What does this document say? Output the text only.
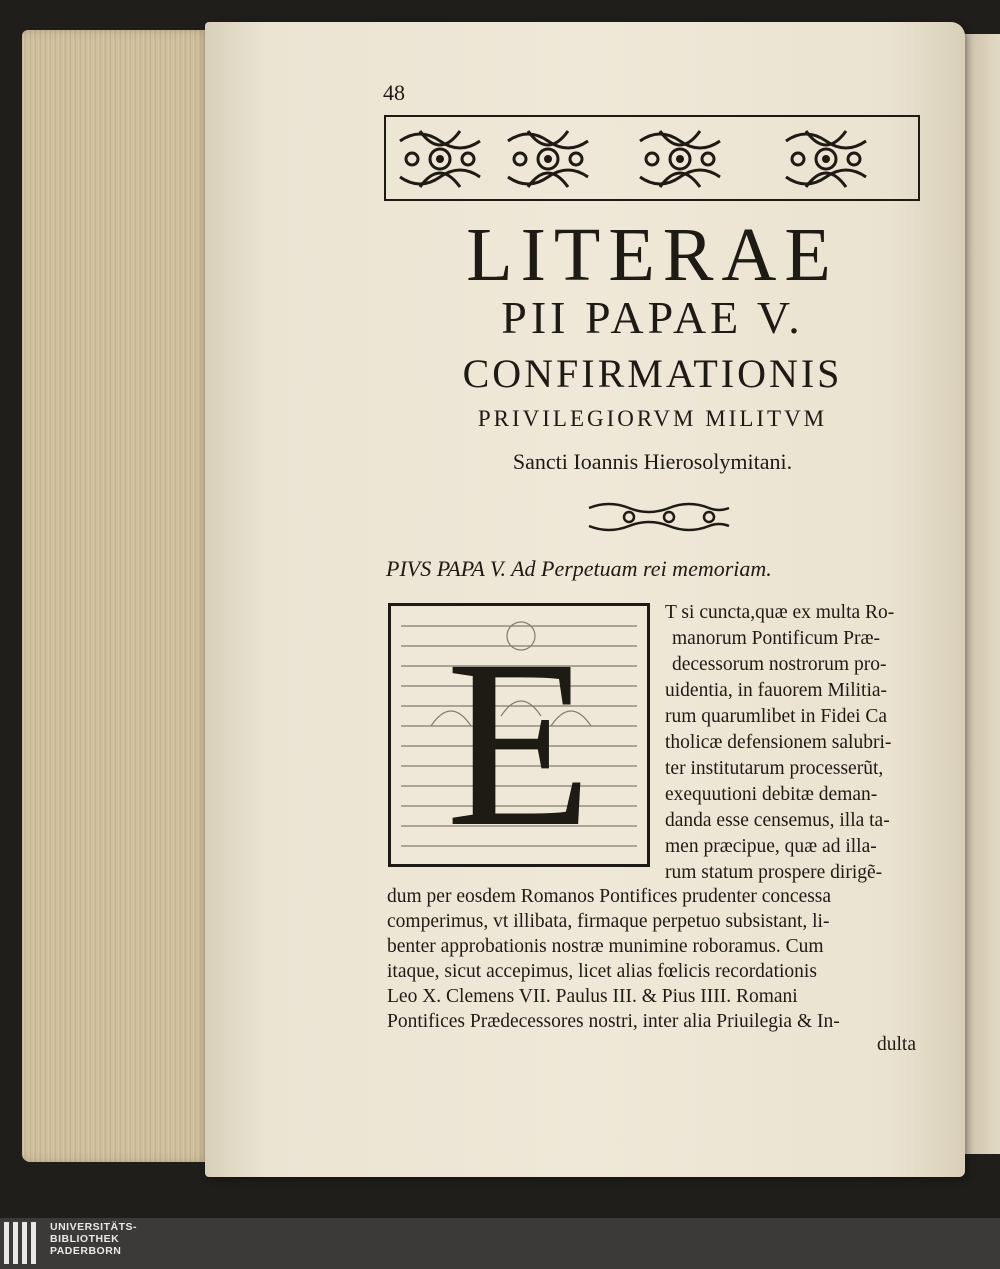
48
LITERAE
PII PAPAE V.
CONFIRMATIONIS
PRIVILEGIORVM MILITVM
Sancti Ioannis Hierosolymitani.
PIVS PAPA V. Ad Perpetuam rei memoriam.
E	T si cuncta,quæ ex multa Ro-
manorum Pontificum Præ-
decessorum nostrorum pro-
uidentia, in fauorem Militia-
rum quarumlibet in Fidei Ca
tholicæ defensionem salubri-
ter institutarum processerũt,
exequutioni debitæ deman-
danda esse censemus, illa ta-
men præcipue, quæ ad illa-
rum statum prospere dirigẽ-
dum per eosdem Romanos Pontifices prudenter concessa
comperimus, vt illibata, firmaque perpetuo subsistant, li-
benter approbationis nostræ munimine roboramus. Cum
itaque, sicut accepimus, licet alias fœlicis recordationis
Leo X. Clemens VII. Paulus III. & Pius IIII. Romani
Pontifices Prædecessores nostri, inter alia Priuilegia & In-
dulta
UNIVERSITÄTS-
BIBLIOTHEK
PADERBORN
